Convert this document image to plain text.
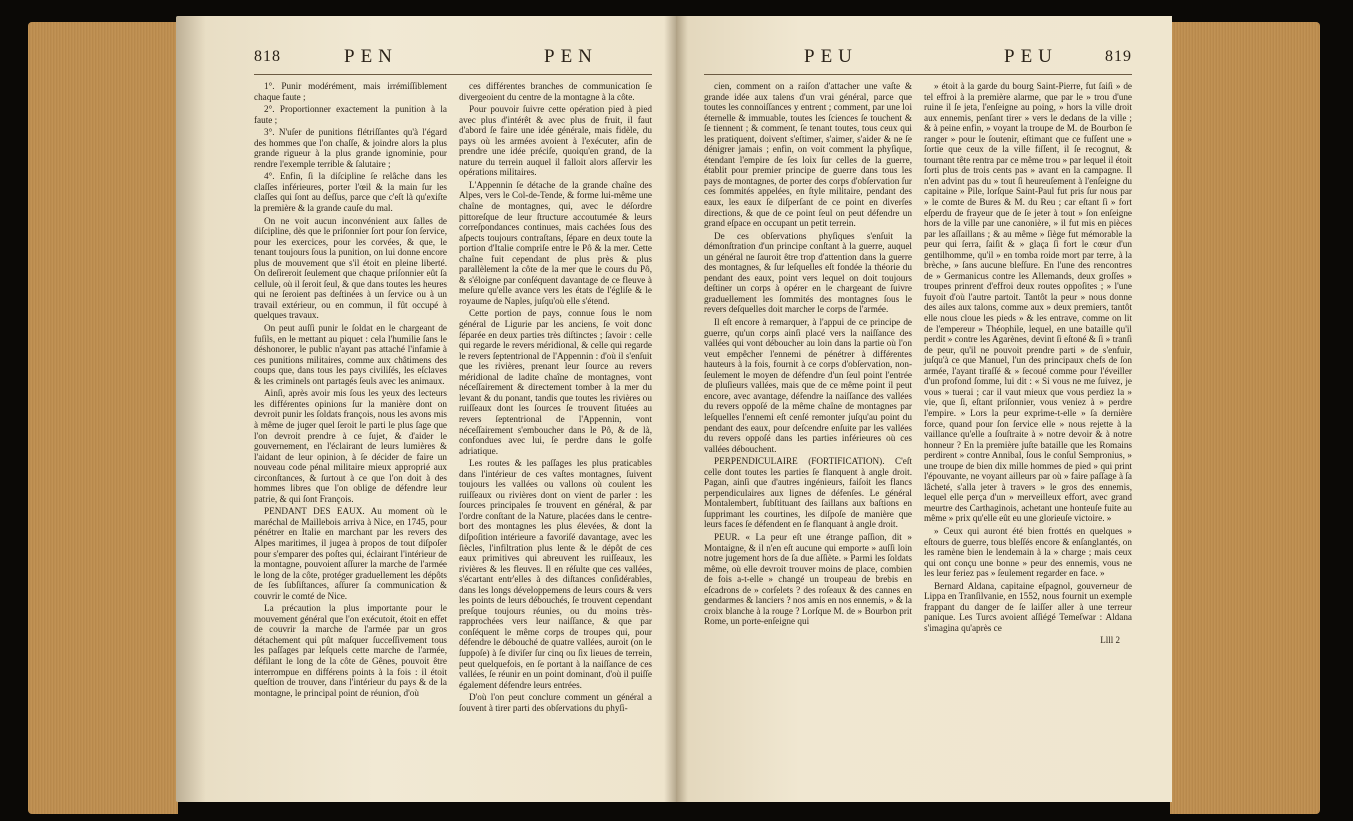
818	PEN	PEN

1°. Punir modérément, mais irrémiſſiblement chaque faute ;

2°. Proportionner exactement la punition à la faute ;

3°. N'uſer de punitions flétriſſantes qu'à l'égard des hommes que l'on chaſſe, & joindre alors la plus grande rigueur à la plus grande ignominie, pour rendre l'exemple terrible & ſalutaire ;

4°. Enfin, ſi la diſcipline ſe relâche dans les claſſes inférieures, porter l'œil & la main ſur les claſſes qui ſont au deſſus, parce que c'eſt là qu'exiſte la première & la grande cauſe du mal.

On ne voit aucun inconvénient aux ſalles de diſcipline, dès que le priſonnier ſort pour ſon ſervice, pour les exercices, pour les corvées, & que, le tenant toujours ſous la punition, on lui donne encore plus de mouvement que s'il étoit en pleine liberté. On deſireroit ſeulement que chaque priſonnier eût ſa cellule, où il ſeroit ſeul, & que dans toutes les heures qui ne ſeroient pas deſtinées à un ſervice ou à un travail extérieur, ou en commun, il fût occupé à quelques travaux.

On peut auſſi punir le ſoldat en le chargeant de fuſils, en le mettant au piquet : cela l'humilie ſans le déshonorer, le public n'ayant pas attaché l'infamie à ces punitions militaires, comme aux châtimens des coups que, dans tous les pays civiliſés, les eſclaves & les criminels ont partagés ſeuls avec les animaux.

Ainſi, après avoir mis ſous les yeux des lecteurs les différentes opinions ſur la manière dont on devroit punir les ſoldats françois, nous les avons mis à même de juger quel ſeroit le parti le plus ſage que l'on devroit prendre à ce ſujet, & d'aider le gouvernement, en l'éclairant de leurs lumières & l'aidant de leur opinion, à ſe décider de faire un nouveau code pénal militaire mieux approprié aux circonſtances, & ſurtout à ce que l'on doit à des hommes libres que l'on oblige de défendre leur patrie, & qui ſont François.

PENDANT DES EAUX. Au moment où le maréchal de Maillebois arriva à Nice, en 1745, pour pénétrer en Italie en marchant par les revers des Alpes maritimes, il jugea à propos de tout diſpoſer pour s'emparer des poſtes qui, éclairant l'intérieur de la montagne, pouvoient aſſurer la marche de l'armée le long de la côte, protéger graduellement les dépôts de ſes ſubſiſtances, aſſurer ſa communication & couvrir le comté de Nice.

La précaution la plus importante pour le mouvement général que l'on exécutoit, étoit en effet de couvrir la marche de l'armée par un gros détachement qui pût maſquer ſucceſſivement tous les paſſages par leſquels cette marche de l'armée, défilant le long de la côte de Gênes, pouvoit être interrompue en différens points à la fois : il étoit queſtion de trouver, dans l'intérieur du pays & de la montagne, le principal point de réunion, d'où

ces différentes branches de communication ſe divergeoient du centre de la montagne à la côte.

Pour pouvoir ſuivre cette opération pied à pied avec plus d'intérêt & avec plus de fruit, il faut d'abord ſe faire une idée générale, mais fidèle, du pays où les armées avoient à l'exécuter, afin de prendre une idée préciſe, quoiqu'en grand, de la nature du terrein auquel il falloit alors aſſervir les opérations militaires.

L'Appennin ſe détache de la grande chaîne des Alpes, vers le Col-de-Tende, & forme lui-même une chaîne de montagnes, qui, avec le déſordre pittoreſque de leur ſtructure accoutumée & leurs correſpondances continues, mais cachées ſous des aſpects toujours contraſtans, ſépare en deux toute la portion d'Italie compriſe entre le Pô & la mer. Cette chaîne fuit cependant de plus près & plus parallèlement la côte de la mer que le cours du Pô, & s'éloigne par conſéquent davantage de ce fleuve à meſure qu'elle avance vers les états de l'égliſe & le royaume de Naples, juſqu'où elle s'étend.

Cette portion de pays, connue ſous le nom général de Ligurie par les anciens, ſe voit donc ſéparée en deux parties très diſtinctes ; ſavoir : celle qui regarde le revers méridional, & celle qui regarde le revers ſeptentrional de l'Appennin : d'où il s'enſuit que les rivières, prenant leur ſource au revers méridional de ladite chaîne de montagnes, vont néceſſairement & directement tomber à la mer du levant & du ponant, tandis que toutes les rivières ou ruiſſeaux dont les ſources ſe trouvent ſituées au revers ſeptentrional de l'Appennin, vont néceſſairement s'emboucher dans le Pô, & de là, confondues avec lui, ſe perdre dans le golfe adriatique.

Les routes & les paſſages les plus praticables dans l'intérieur de ces vaſtes montagnes, ſuivent toujours les vallées ou vallons où coulent les ruiſſeaux ou rivières dont on vient de parler : les ſources principales ſe trouvent en général, & par l'ordre conſtant de la Nature, placées dans le centre-bort des montagnes les plus élevées, & dont la diſpoſition intérieure a favoriſé davantage, avec les ſiècles, l'infiltration plus lente & le dépôt de ces eaux primitives qui abreuvent les ruiſſeaux, les rivières & les fleuves. Il en réſulte que ces vallées, s'écartant entr'elles à des diſtances conſidérables, dans les longs développemens de leurs cours & vers les points de leurs débouchés, ſe trouvent cependant preſque toujours réunies, ou du moins très-rapprochées vers leur naiſſance, & que par conſéquent le même corps de troupes qui, pour défendre le débouché de quatre vallées, auroit (on le ſuppoſe) à ſe diviſer ſur cinq ou ſix lieues de terrein, peut quelquefois, en ſe portant à la naiſſance de ces vallées, ſe réunir en un point dominant, d'où il puiſſe également défendre leurs entrées.

D'où l'on peut conclure comment un général a ſouvent à tirer parti des obſervations du phyſi-

PEU	PEU	819

cien, comment on a raiſon d'attacher une vaſte & grande idée aux talens d'un vrai général, parce que toutes les connoiſſances y entrent ; comment, par une loi éternelle & immuable, toutes les ſciences ſe touchent & ſe tiennent ; & comment, ſe tenant toutes, tous ceux qui les pratiquent, doivent s'eſtimer, s'aimer, s'aider & ne ſe dénigrer jamais ; enfin, on voit comment la phyſique, étendant l'empire de ſes loix ſur celles de la guerre, établit pour premier principe de guerre dans tous les pays de montagnes, de porter des corps d'obſervation ſur ces ſommités appelées, en ſtyle militaire, pendant des eaux, les eaux ſe diſperſant de ce point en diverſes directions, & que de ce point ſeul on peut défendre un grand eſpace en occupant un petit terrein.

De ces obſervations phyſiques s'enſuit la démonſtration d'un principe conſtant à la guerre, auquel un général ne ſauroit être trop d'attention dans la guerre des montagnes, & ſur leſquelles eſt fondée la théorie du pendant des eaux, point vers lequel on doit toujours deſtiner un corps à opérer en le chargeant de ſuivre graduellement les ſommités des montagnes ſous le revers deſquelles doit marcher le corps de l'armée.

Il eſt encore à remarquer, à l'appui de ce principe de guerre, qu'un corps ainſi placé vers la naiſſance des vallées qui vont déboucher au loin dans la partie où l'on veut empêcher l'ennemi de pénétrer à différentes hauteurs à la fois, fournit à ce corps d'obſervation, non-ſeulement le moyen de défendre d'un ſeul point l'entrée de pluſieurs vallées, mais que de ce même point il peut encore, avec avantage, défendre la naiſſance des vallées du revers oppoſé de la même chaîne de montagnes par leſquelles l'ennemi eſt cenſé remonter juſqu'au point du pendant des eaux, pour deſcendre enſuite par les vallées du revers oppoſé dans les parties inférieures où ces vallées débouchent.

PERPENDICULAIRE (FORTIFICATION). C'eſt celle dont toutes les parties ſe flanquent à angle droit. Pagan, ainſi que d'autres ingénieurs, faiſoit les flancs perpendiculaires aux lignes de défenſes. Le général Montalembert, ſubſtituant des ſaillans aux baſtions en ſupprimant les courtines, les diſpoſe de manière que leurs faces ſe défendent en ſe flanquant à angle droit.

PEUR. « La peur eſt une étrange paſſion, dit » Montaigne, & il n'en eſt aucune qui emporte » auſſi loin notre jugement hors de ſa due aſſiète. » Parmi les ſoldats même, où elle devroit trouver moins de place, combien de fois a-t-elle » changé un troupeau de brebis en eſcadrons de » corſelets ? des roſeaux & des cannes en gendarmes & lanciers ? nos amis en nos ennemis, » & la croix blanche à la rouge ? Lorſque M. de » Bourbon prit Rome, un porte-enſeigne qui

» étoit à la garde du bourg Saint-Pierre, fut ſaiſi » de tel effroi à la première alarme, que par le » trou d'une ruine il ſe jeta, l'enſeigne au poing, » hors la ville droit aux ennemis, penſant tirer » vers le dedans de la ville ; & à peine enfin, » voyant la troupe de M. de Bourbon ſe ranger » pour le ſoutenir, eſtimant que ce fuſſent une » ſortie que ceux de la ville fiſſent, il ſe recognut, & tournant tête rentra par ce même trou » par lequel il étoit ſorti plus de trois cents pas » avant en la campagne. Il n'en advint pas du » tout ſi heureuſement à l'enſeigne du capitaine » Pile, lorſque Saint-Paul fut pris ſur nous par » le comte de Bures & M. du Reu ; car eſtant ſi » fort eſperdu de frayeur que de ſe jeter à tout » ſon enſeigne hors de la ville par une canonière, » il fut mis en pièces par les aſſaillans ; & au même » ſiège fut mémorable la peur qui ſerra, ſaiſit & » glaça ſi fort le cœur d'un gentilhomme, qu'il » en tomba roide mort par terre, à la brèche, » ſans aucune bleſſure. En l'une des rencontres de » Germanicus contre les Allemands, deux groſſes » troupes prinrent d'effroi deux routes oppoſites ; » l'une fuyoit d'où l'autre partoit. Tantôt la peur » nous donne des ailes aux talons, comme aux » deux premiers, tantôt elle nous cloue les pieds » & les entrave, comme on lit de l'empereur » Théophile, lequel, en une bataille qu'il perdit » contre les Agarènes, devint ſi eſtoné & ſi » tranſi de peur, qu'il ne pouvoit prendre parti » de s'enfuir, juſqu'à ce que Manuel, l'un des principaux chefs de ſon armée, l'ayant tiraſſé & » ſecoué comme pour l'éveiller d'un profond ſomme, lui dit : « Si vous ne me ſuivez, je vous » tuerai ; car il vaut mieux que vous perdiez la » vie, que ſi, eſtant priſonnier, vous veniez à » perdre l'empire. » Lors la peur exprime-t-elle » ſa dernière force, quand pour ſon ſervice elle » nous rejette à la vaillance qu'elle a ſouſtraite à » notre devoir & à notre honneur ? En la première juſte bataille que les Romains perdirent » contre Annibal, ſous le conſul Sempronius, » une troupe de bien dix mille hommes de pied » qui print l'épouvante, ne voyant ailleurs par où » faire paſſage à ſa lâcheté, s'alla jeter à travers » le gros des ennemis, lequel elle perça d'un » merveilleux effort, avec grand meurtre des Carthaginois, achetant une honteuſe fuite au même » prix qu'elle eût eu une glorieuſe victoire. »

» Ceux qui auront été bien frottés en quelques » eſtours de guerre, tous bleſſés encore & enſanglantés, on les ramène bien le lendemain à la » charge ; mais ceux qui ont conçu une bonne » peur des ennemis, vous ne les leur feriez pas » ſeulement regarder en face. »

Bernard Aldana, capitaine eſpagnol, gouverneur de Lippa en Tranſilvanie, en 1552, nous fournit un exemple frappant du danger de ſe laiſſer aller à une terreur panique. Les Turcs avoient aſſiégé Temeſwar : Aldana s'imagina qu'après ce

Llll 2
